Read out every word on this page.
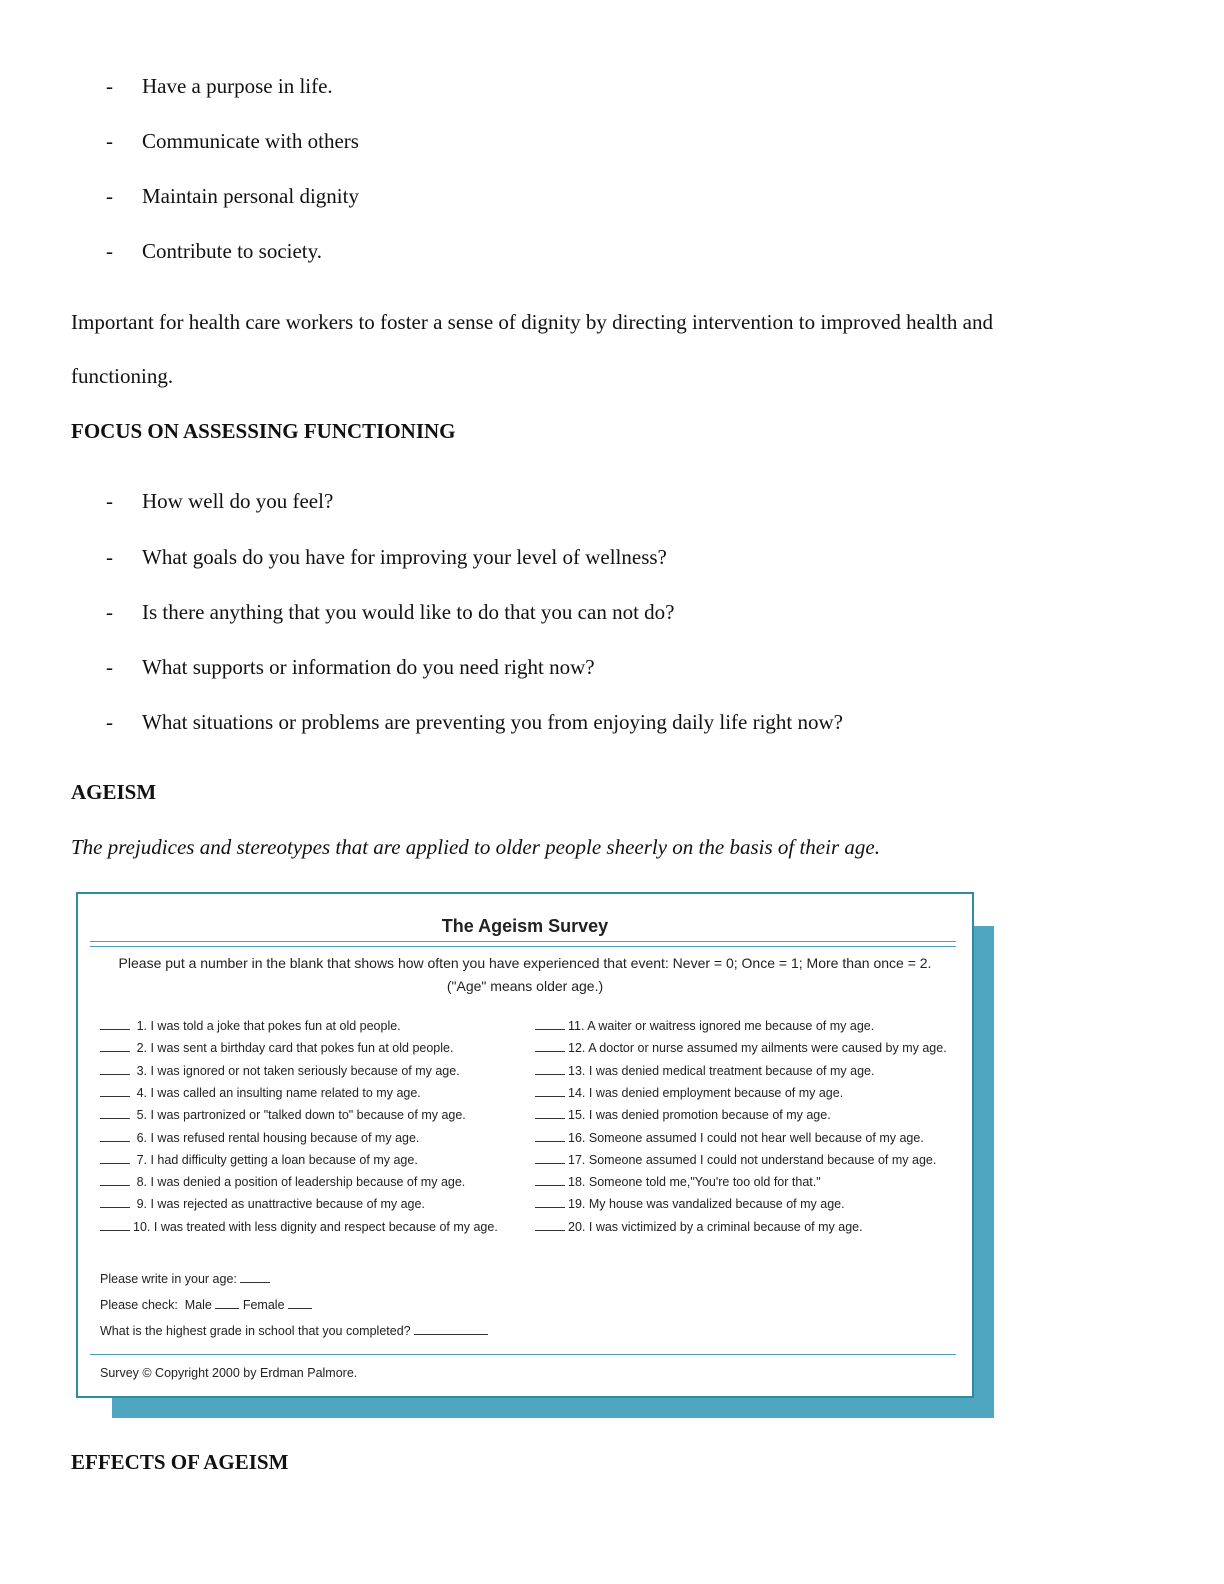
- Have a purpose in life.
- Communicate with others
- Maintain personal dignity
- Contribute to society.
Important for health care workers to foster a sense of dignity by directing intervention to improved health and
functioning.
FOCUS ON ASSESSING FUNCTIONING
- How well do you feel?
- What goals do you have for improving your level of wellness?
- Is there anything that you would like to do that you can not do?
- What supports or information do you need right now?
- What situations or problems are preventing you from enjoying daily life right now?
AGEISM
The prejudices and stereotypes that are applied to older people sheerly on the basis of their age.
The Ageism Survey
Please put a number in the blank that shows how often you have experienced that event: Never = 0; Once = 1; More than once = 2.
("Age" means older age.)
1. I was told a joke that pokes fun at old people.
2. I was sent a birthday card that pokes fun at old people.
3. I was ignored or not taken seriously because of my age.
4. I was called an insulting name related to my age.
5. I was partronized or "talked down to" because of my age.
6. I was refused rental housing because of my age.
7. I had difficulty getting a loan because of my age.
8. I was denied a position of leadership because of my age.
9. I was rejected as unattractive because of my age.
10. I was treated with less dignity and respect because of my age.
11. A waiter or waitress ignored me because of my age.
12. A doctor or nurse assumed my ailments were caused by my age.
13. I was denied medical treatment because of my age.
14. I was denied employment because of my age.
15. I was denied promotion because of my age.
16. Someone assumed I could not hear well because of my age.
17. Someone assumed I could not understand because of my age.
18. Someone told me,"You're too old for that."
19. My house was vandalized because of my age.
20. I was victimized by a criminal because of my age.
Please write in your age:
Please check: Male Female
What is the highest grade in school that you completed?
Survey © Copyright 2000 by Erdman Palmore.
EFFECTS OF AGEISM
